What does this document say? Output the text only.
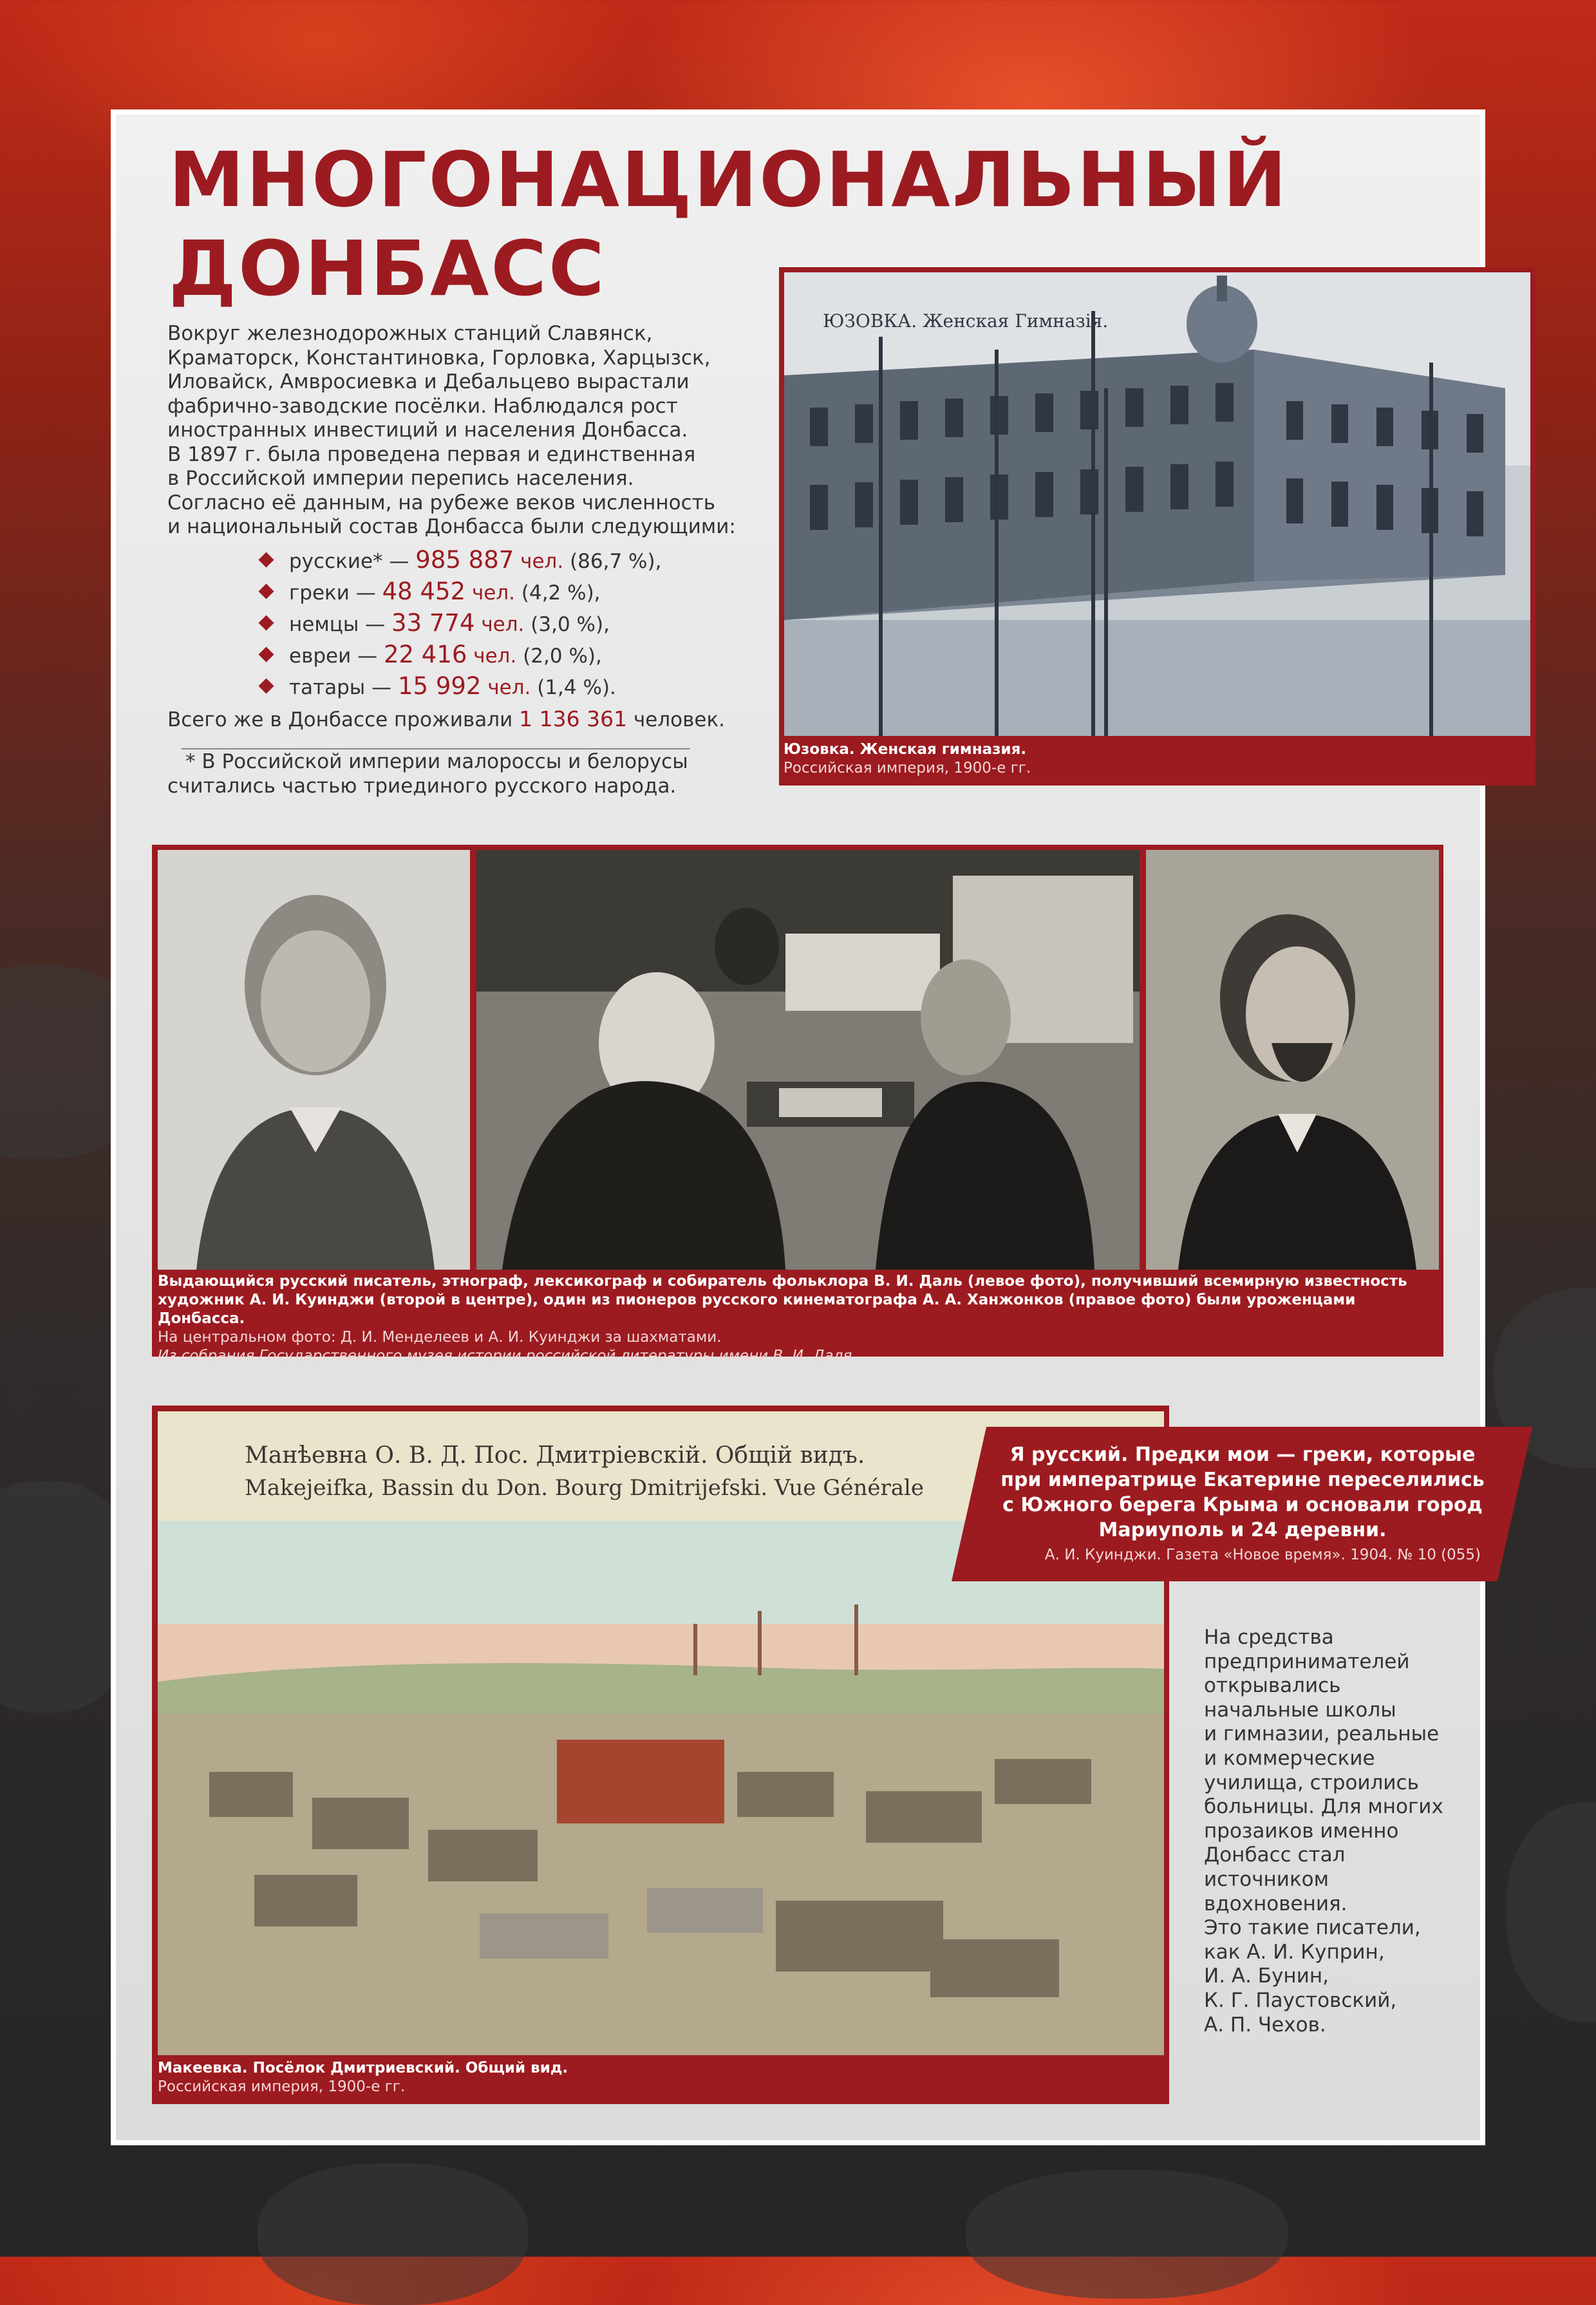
МНОГОНАЦИОНАЛЬНЫЙ
ДОНБАСС
Вокруг железнодорожных станций Славянск,
Краматорск, Константиновка, Горловка, Харцызск,
Иловайск, Амвросиевка и Дебальцево вырастали
фабрично-заводские посёлки. Наблюдался рост
иностранных инвестиций и населения Донбасса.
В 1897 г. была проведена первая и единственная
в Российской империи перепись населения.
Согласно её данным, на рубеже веков численность
и национальный состав Донбасса были следующими:
русские* — 985 887 чел. (86,7 %),
греки — 48 452 чел. (4,2 %),
немцы — 33 774 чел. (3,0 %),
евреи — 22 416 чел. (2,0 %),
татары — 15 992 чел. (1,4 %).
Всего же в Донбассе проживали 1 136 361 человек.
* В Российской империи малороссы и белорусы
считались частью триединого русского народа.
ЮЗОВКА. Женская Гимназія.
Юзовка. Женская гимназия.
Российская империя, 1900-е гг.
Выдающийся русский писатель, этнограф, лексикограф и собиратель фольклора В. И. Даль (левое фото), получивший всемирную известность
художник А. И. Куинджи (второй в центре), один из пионеров русского кинематографа А. А. Ханжонков (правое фото) были уроженцами Донбасса.
На центральном фото: Д. И. Менделеев и А. И. Куинджи за шахматами.
Из собрания Государственного музея истории российской литературы имени В. И. Даля
Манѣевна О. В. Д. Пос. Дмитріевскій. Общій видъ.
Makejeifka, Bassin du Don. Bourg Dmitrijefski. Vue Générale
Макеевка. Посёлок Дмитриевский. Общий вид.
Российская империя, 1900-е гг.
Я русский. Предки мои — греки, которые
при императрице Екатерине переселились
с Южного берега Крыма и основали город
Мариуполь и 24 деревни.
А. И. Куинджи. Газета «Новое время». 1904. № 10 (055)
На средства
предпринимателей
открывались
начальные школы
и гимназии, реальные
и коммерческие
училища, строились
больницы. Для многих
прозаиков именно
Донбасс стал
источником
вдохновения.
Это такие писатели,
как А. И. Куприн,
И. А. Бунин,
К. Г. Паустовский,
А. П. Чехов.
